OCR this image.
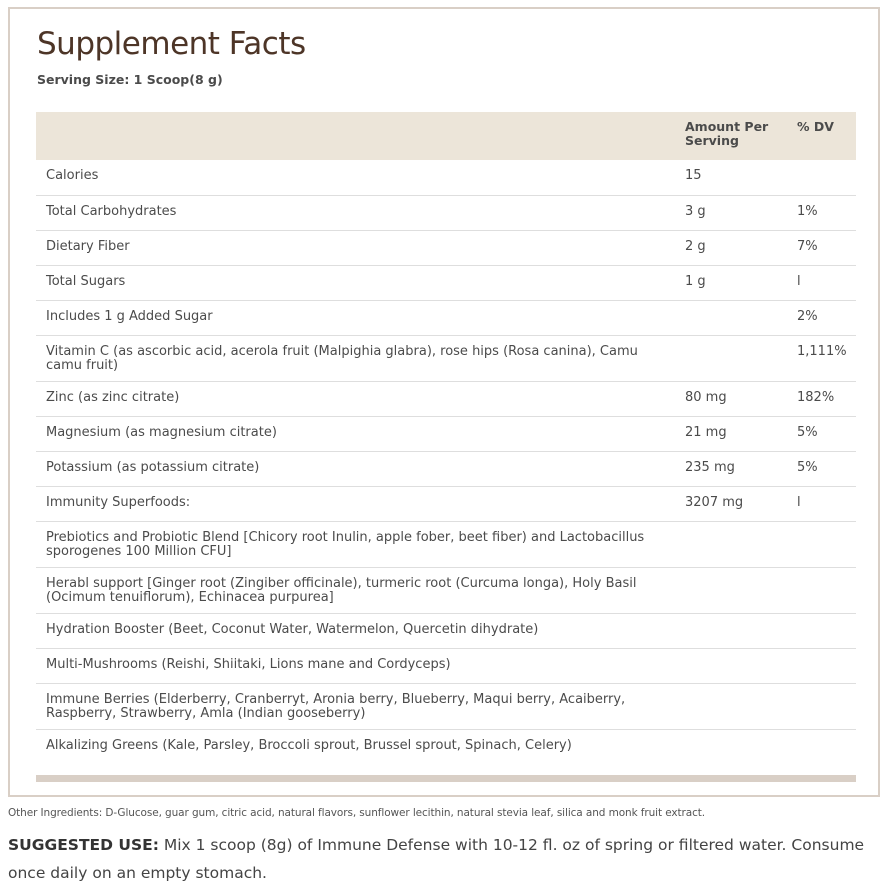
Supplement Facts
Serving Size: 1 Scoop(8 g)
	Amount Per Serving	% DV
Calories	15	
Total Carbohydrates	3 g	1%
Dietary Fiber	2 g	7%
Total Sugars	1 g	l
Includes 1 g Added Sugar		2%
Vitamin C (as ascorbic acid, acerola fruit (Malpighia glabra), rose hips (Rosa canina), Camu camu fruit)		1,111%
Zinc (as zinc citrate)	80 mg	182%
Magnesium (as magnesium citrate)	21 mg	5%
Potassium (as potassium citrate)	235 mg	5%
Immunity Superfoods:	3207 mg	l
Prebiotics and Probiotic Blend [Chicory root Inulin, apple fober, beet fiber) and Lactobacillus sporogenes 100 Million CFU]		
Herabl support [Ginger root (Zingiber officinale), turmeric root (Curcuma longa), Holy Basil (Ocimum tenuiflorum), Echinacea purpurea]		
Hydration Booster (Beet, Coconut Water, Watermelon, Quercetin dihydrate)		
Multi-Mushrooms (Reishi, Shiitaki, Lions mane and Cordyceps)		
Immune Berries (Elderberry, Cranberryt, Aronia berry, Blueberry, Maqui berry, Acaiberry, Raspberry, Strawberry, Amla (Indian gooseberry)		
Alkalizing Greens (Kale, Parsley, Broccoli sprout, Brussel sprout, Spinach, Celery)		
Other Ingredients: D-Glucose, guar gum, citric acid, natural flavors, sunflower lecithin, natural stevia leaf, silica and monk fruit extract.

SUGGESTED USE: Mix 1 scoop (8g) of Immune Defense with 10-12 fl. oz of spring or filtered water. Consume once daily on an empty stomach.
